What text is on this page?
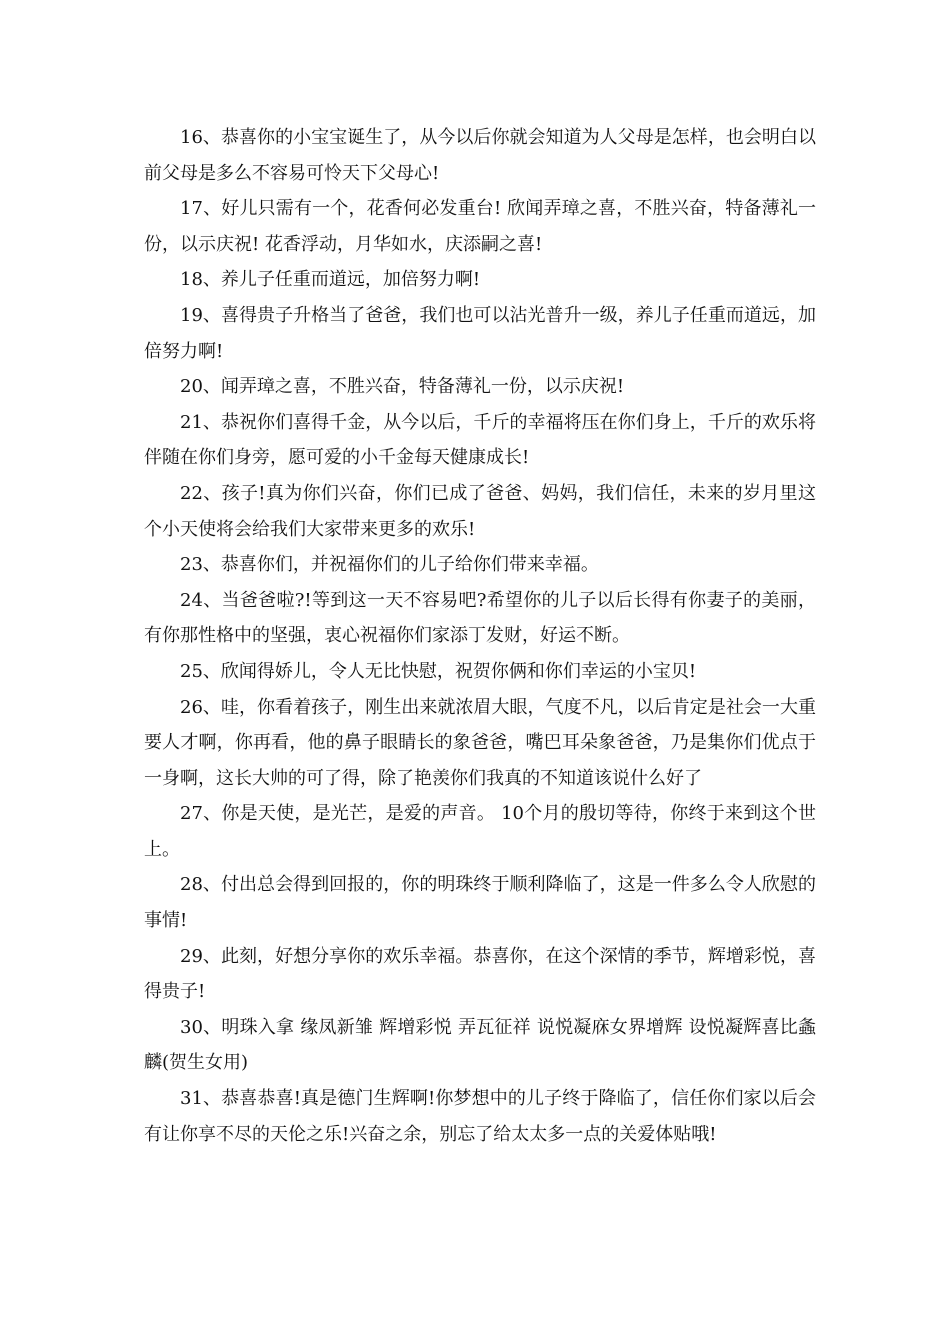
16、恭喜你的小宝宝诞生了，从今以后你就会知道为人父母是怎样，也会明白以前父母是多么不容易可怜天下父母心!

17、好儿只需有一个，花香何必发重台! 欣闻弄璋之喜，不胜兴奋，特备薄礼一份，以示庆祝! 花香浮动，月华如水，庆添嗣之喜!

18、养儿子任重而道远，加倍努力啊!

19、喜得贵子升格当了爸爸，我们也可以沾光普升一级，养儿子任重而道远，加倍努力啊!

20、闻弄璋之喜，不胜兴奋，特备薄礼一份，以示庆祝!

21、恭祝你们喜得千金，从今以后，千斤的幸福将压在你们身上，千斤的欢乐将伴随在你们身旁，愿可爱的小千金每天健康成长!

22、孩子!真为你们兴奋，你们已成了爸爸、妈妈，我们信任，未来的岁月里这个小天使将会给我们大家带来更多的欢乐!

23、恭喜你们，并祝福你们的儿子给你们带来幸福。

24、当爸爸啦?!等到这一天不容易吧?希望你的儿子以后长得有你妻子的美丽，有你那性格中的坚强，衷心祝福你们家添丁发财，好运不断。

25、欣闻得娇儿，令人无比快慰，祝贺你俩和你们幸运的小宝贝!

26、哇，你看着孩子，刚生出来就浓眉大眼，气度不凡，以后肯定是社会一大重要人才啊，你再看，他的鼻子眼睛长的象爸爸，嘴巴耳朵象爸爸，乃是集你们优点于一身啊，这长大帅的可了得，除了艳羡你们我真的不知道该说什么好了

27、你是天使，是光芒，是爱的声音。 10个月的殷切等待，你终于来到这个世上。

28、付出总会得到回报的，你的明珠终于顺利降临了，这是一件多么令人欣慰的事情!

29、此刻，好想分享你的欢乐幸福。恭喜你，在这个深情的季节，辉增彩悦，喜得贵子!

30、明珠入拿 缘凤新雏 辉增彩悦 弄瓦征祥 说悦凝庥女界增辉 设悦凝辉喜比螽麟(贺生女用)

31、恭喜恭喜!真是德门生辉啊!你梦想中的儿子终于降临了，信任你们家以后会有让你享不尽的天伦之乐!兴奋之余，别忘了给太太多一点的关爱体贴哦!
